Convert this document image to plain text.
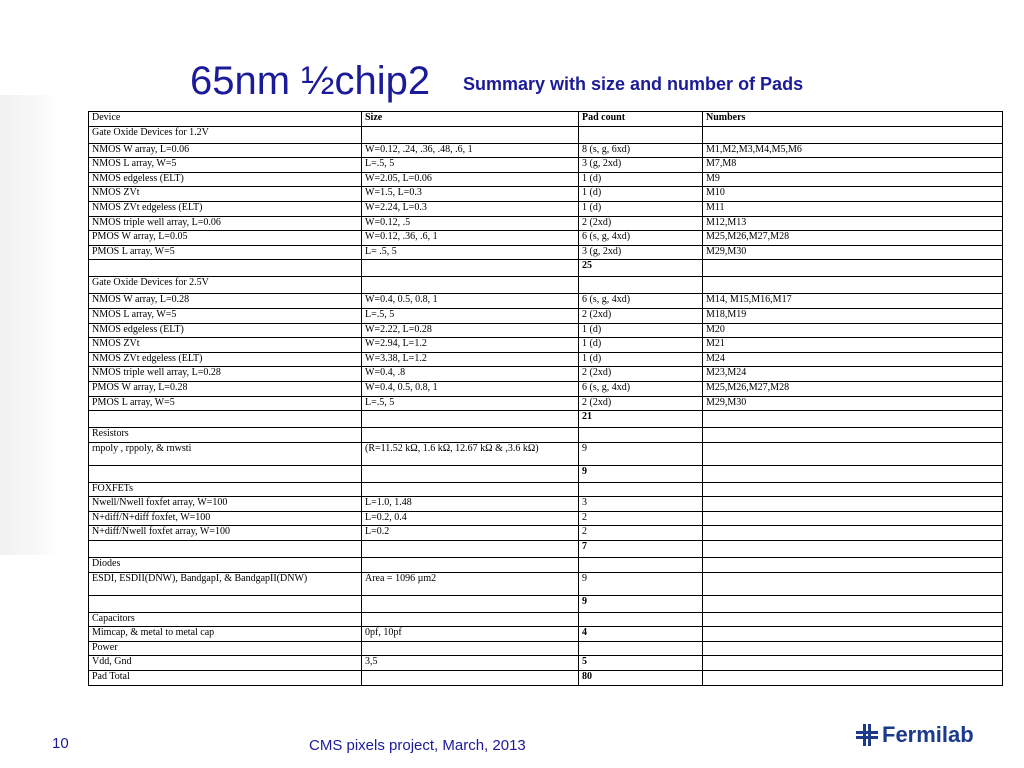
65nm ½chip2 Summary with size and number of Pads
Device	Size	Pad count	Numbers
Gate Oxide Devices for 1.2V			
NMOS W array, L=0.06	W=0.12, .24, .36, .48, .6, 1	8 (s, g, 6xd)	M1,M2,M3,M4,M5,M6
NMOS L array, W=5	L=.5, 5	3 (g, 2xd)	M7,M8
NMOS edgeless (ELT)	W=2.05, L=0.06	1 (d)	M9
NMOS ZVt	W=1.5, L=0.3	1 (d)	M10
NMOS ZVt edgeless (ELT)	W=2.24, L=0.3	1 (d)	M11
NMOS triple well array, L=0.06	W=0.12, .5	2 (2xd)	M12,M13
PMOS W array, L=0.05	W=0.12, .36, .6, 1	6 (s, g, 4xd)	M25,M26,M27,M28
PMOS L array, W=5	L= .5, 5	3 (g, 2xd)	M29,M30
		25	
Gate Oxide Devices for 2.5V			
NMOS W array, L=0.28	W=0.4, 0.5, 0.8, 1	6 (s, g, 4xd)	M14, M15,M16,M17
NMOS L array, W=5	L=.5, 5	2 (2xd)	M18,M19
NMOS edgeless (ELT)	W=2.22, L=0.28	1 (d)	M20
NMOS ZVt	W=2.94, L=1.2	1 (d)	M21
NMOS ZVt edgeless (ELT)	W=3.38, L=1.2	1 (d)	M24
NMOS triple well array, L=0.28	W=0.4, .8	2 (2xd)	M23,M24
PMOS W array, L=0.28	W=0.4, 0.5, 0.8, 1	6 (s, g, 4xd)	M25,M26,M27,M28
PMOS L array, W=5	L=.5, 5	2 (2xd)	M29,M30
		21	
Resistors			
rnpoly , rppoly, & rnwsti	(R=11.52 kΩ, 1.6 kΩ, 12.67 kΩ & ,3.6 kΩ)	9	
		9	
FOXFETs			
Nwell/Nwell foxfet array, W=100	L=1.0, 1.48	3	
N+diff/N+diff foxfet, W=100	L=0.2, 0.4	2	
N+diff/Nwell foxfet array, W=100	L=0.2	2	
		7	
Diodes			
ESDI, ESDII(DNW), BandgapI, & BandgapII(DNW)	Area = 1096 µm2	9	
		9	
Capacitors			
Mimcap, & metal to metal cap	0pf, 10pf	4	
Power			
Vdd, Gnd	3,5	5	
Pad Total		80	
10	CMS pixels project, March, 2013	Fermilab
